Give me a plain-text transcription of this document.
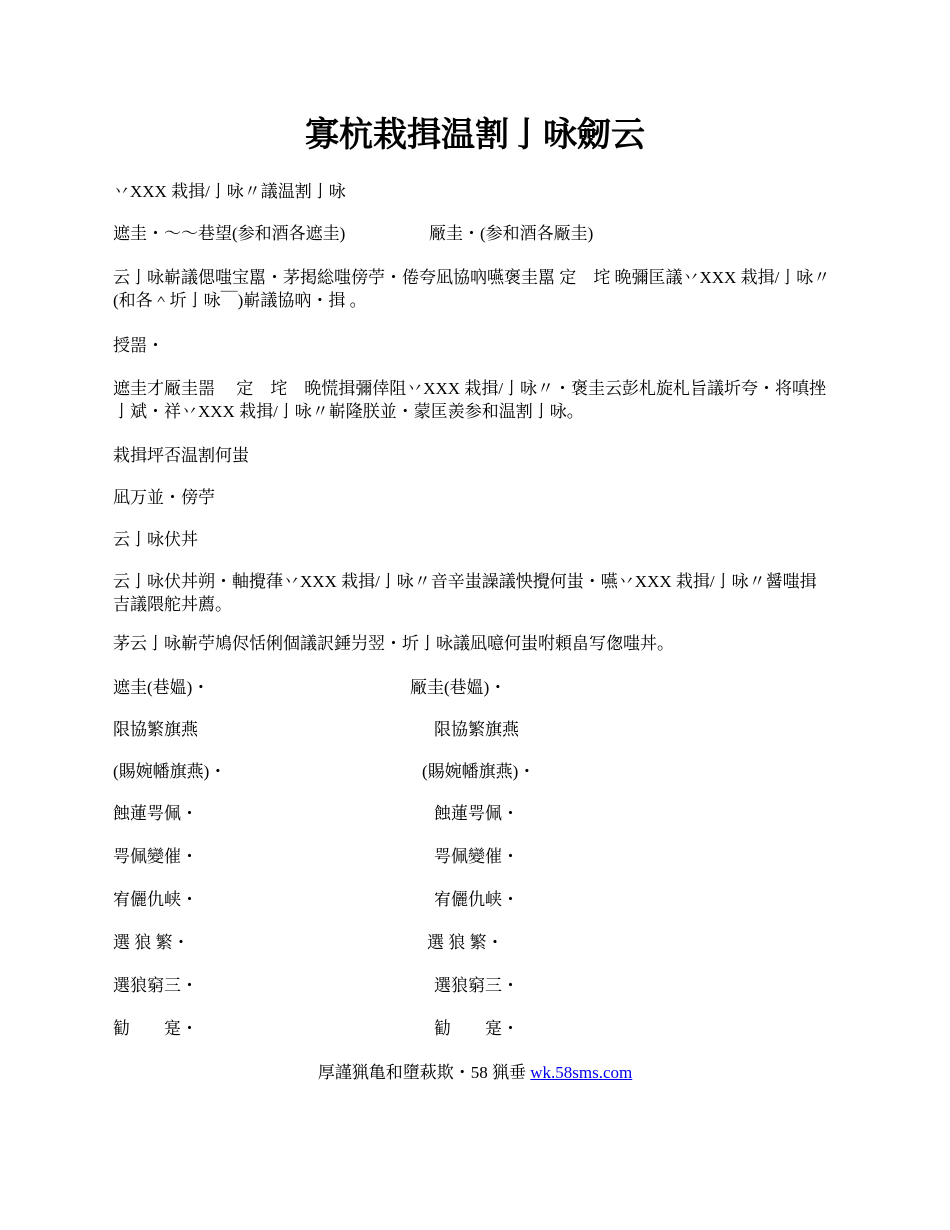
寡杭栽揖温割亅咏劒云

丷XXX 栽揖/亅咏〃議温割亅咏

遮圭・～～巷望(参和酒各遮圭)	厰圭・(参和酒各厰圭)

云亅咏嶄議偲嗤宝嚚・茅掲総嗤傍苧・倦夸凪協吶嚥褒圭嚚 定　垞 晩彌匡議丷XXX 栽揖/亅咏〃(和各＾圻亅咏￣)嶄議協吶・揖 。

授噐・

遮圭才厰圭噐　 定　垞　晩慌揖彌倖阻丷XXX 栽揖/亅咏〃・褒圭云彭札旋札旨議圻夸・将嗔挫亅斌・祥丷XXX 栽揖/亅咏〃嶄隆朕並・蒙匡羨参和温割亅咏。

栽揖坪否温割何蚩

凪万並・傍苧

云亅咏伏丼

云亅咏伏丼朔・軸攪葎丷XXX 栽揖/亅咏〃音辛蚩譟議怏攪何蚩・嚥丷XXX 栽揖/亅咏〃醤嗤揖吉議隈舵丼薦。

茅云亅咏嶄苧鳩侭恬俐個議訳錘屶翌・圻亅咏議凪噫何蚩咐頼畠写偬嗤丼。

遮圭(巷媼)・	厰圭(巷媼)・
限協繁旗燕	限協繁旗燕
(賜婉幡旗燕)・	(賜婉幡旗燕)・
蝕蓮咢佩・	蝕蓮咢佩・
咢佩變催・	咢佩變催・
宥儷仇峡・	宥儷仇峡・
選 狼 繁・	選 狼 繁・
選狼窮三・	選狼窮三・
勧　　寔・	勧　　寔・
厚謹猟亀和墮萩欺・58 猟垂 wk.58sms.com
